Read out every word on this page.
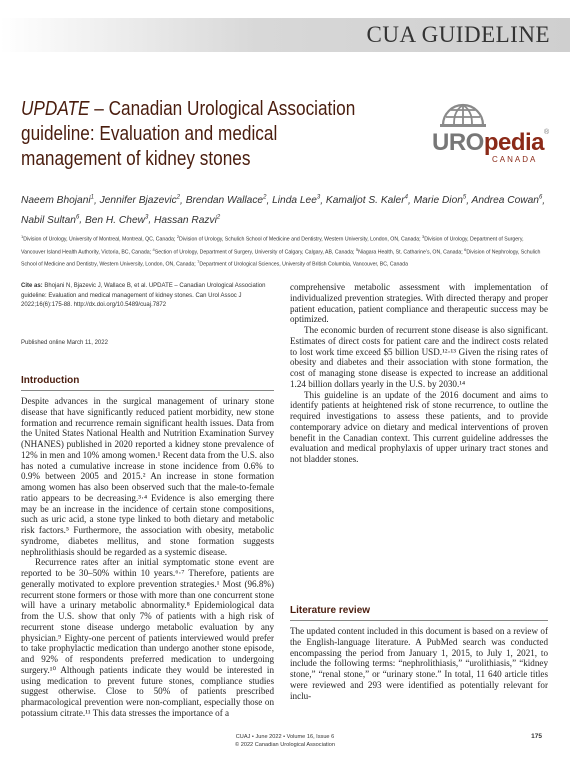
CUA GUIDELINE
UPDATE – Canadian Urological Association guideline: Evaluation and medical management of kidney stones
UROpedia®
CANADA
Naeem Bhojani$^1$, Jennifer Bjazevic$^2$, Brendan Wallace$^2$, Linda Lee$^3$, Kamaljot S. Kaler$^4$, Marie Dion$^5$, Andrea Cowan$^6$, Nabil Sultan$^6$, Ben H. Chew$^3$, Hassan Razvi$^2$
$^1$Division of Urology, University of Montreal, Montreal, QC, Canada; $^2$Division of Urology, Schulich School of Medicine and Dentistry, Western University, London, ON, Canada; $^3$Division of Urology, Department of Surgery, Vancouver Island Health Authority, Victoria, BC, Canada; $^4$Section of Urology, Department of Surgery, University of Calgary, Calgary, AB, Canada; $^5$Niagara Health, St. Catharine’s, ON, Canada; $^6$Division of Nephrology, Schulich School of Medicine and Dentistry, Western University, London, ON, Canada; $^7$Department of Urological Sciences, University of British Columbia, Vancouver, BC, Canada
Cite as: Bhojani N, Bjazevic J, Wallace B, et al. UPDATE – Canadian Urological Association guideline: Evaluation and medical management of kidney stones. Can Urol Assoc J 2022;16(6):175-88. http://dx.doi.org/10.5489/cuaj.7872
Published online March 11, 2022
Introduction

Despite advances in the surgical management of urinary stone disease that have significantly reduced patient morbidity, new stone formation and recurrence remain significant health issues. Data from the United States National Health and Nutrition Examination Survey (NHANES) published in 2020 reported a kidney stone prevalence of 12% in men and 10% among women.¹ Recent data from the U.S. also has noted a cumulative increase in stone incidence from 0.6% to 0.9% between 2005 and 2015.² An increase in stone formation among women has also been observed such that the male-to-female ratio appears to be decreasing.³·⁴ Evidence is also emerging there may be an increase in the incidence of certain stone compositions, such as uric acid, a stone type linked to both dietary and metabolic risk factors.⁵ Furthermore, the association with obesity, metabolic syndrome, diabetes mellitus, and stone formation suggests nephrolithiasis should be regarded as a systemic disease.

Recurrence rates after an initial symptomatic stone event are reported to be 30–50% within 10 years.⁶·⁷ Therefore, patients are generally motivated to explore prevention strategies.¹ Most (96.8%) recurrent stone formers or those with more than one concurrent stone will have a urinary metabolic abnormality.⁸ Epidemiological data from the U.S. show that only 7% of patients with a high risk of recurrent stone disease undergo metabolic evaluation by any physician.⁹ Eighty-one percent of patients interviewed would prefer to take prophylactic medication than undergo another stone episode, and 92% of respondents preferred medication to undergoing surgery.¹⁰ Although patients indicate they would be interested in using medication to prevent future stones, compliance studies suggest otherwise. Close to 50% of patients prescribed pharmacological prevention were non-compliant, especially those on potassium citrate.¹¹ This data stresses the importance of a

comprehensive metabolic assessment with implementation of individualized prevention strategies. With directed therapy and proper patient education, patient compliance and therapeutic success may be optimized.

The economic burden of recurrent stone disease is also significant. Estimates of direct costs for patient care and the indirect costs related to lost work time exceed $5 billion USD.¹²·¹³ Given the rising rates of obesity and diabetes and their association with stone formation, the cost of managing stone disease is expected to increase an additional 1.24 billion dollars yearly in the U.S. by 2030.¹⁴

This guideline is an update of the 2016 document and aims to identify patients at heightened risk of stone recurrence, to outline the required investigations to assess these patients, and to provide contemporary advice on dietary and medical interventions of proven benefit in the Canadian context. This current guideline addresses the evaluation and medical prophylaxis of upper urinary tract stones and not bladder stones.

Literature review

The updated content included in this document is based on a review of the English-language literature. A PubMed search was conducted encompassing the period from January 1, 2015, to July 1, 2021, to include the following terms: “nephrolithiasis,” “urolithiasis,” “kidney stone,” “renal stone,” or “urinary stone.” In total, 11 640 article titles were reviewed and 293 were identified as potentially relevant for inclu-

CUAJ • June 2022 • Volume 16, Issue 6
© 2022 Canadian Urological Association
175
